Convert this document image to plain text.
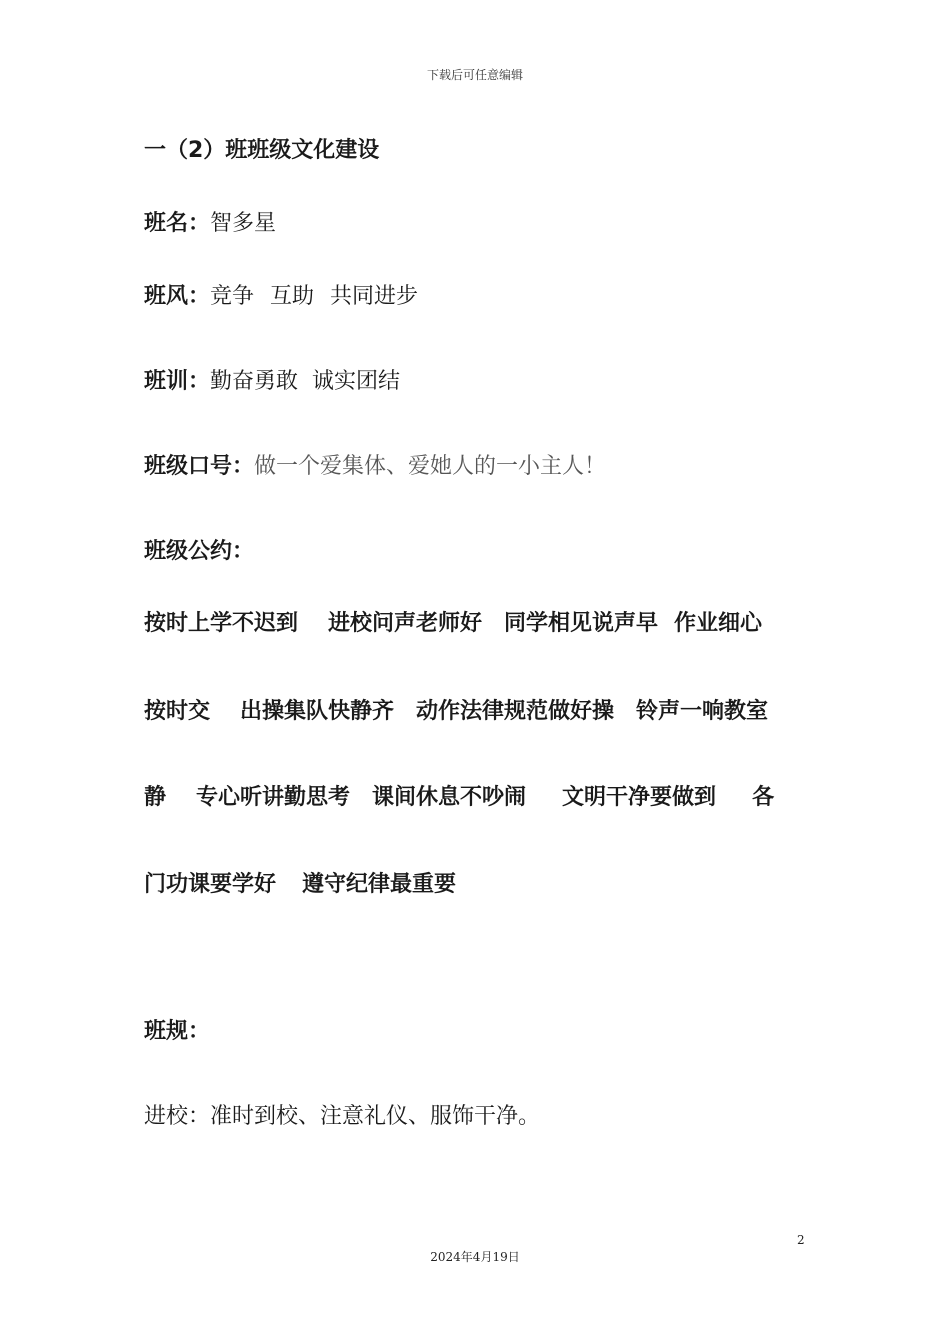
下载后可任意编辑
一（2）班班级文化建设
班名：智多星
班风：竞争 互助 共同进步
班训：勤奋勇敢 诚实团结
班级口号：做一个爱集体、爱她人的一小主人！
班级公约：
按时上学不迟到 进校问声老师好 同学相见说声早 作业细心
按时交 出操集队快静齐 动作法律规范做好操 铃声一响教室
静 专心听讲勤思考 课间休息不吵闹 文明干净要做到 各
门功课要学好 遵守纪律最重要
班规：
进校：准时到校、注意礼仪、服饰干净。
2
2024年4月19日
